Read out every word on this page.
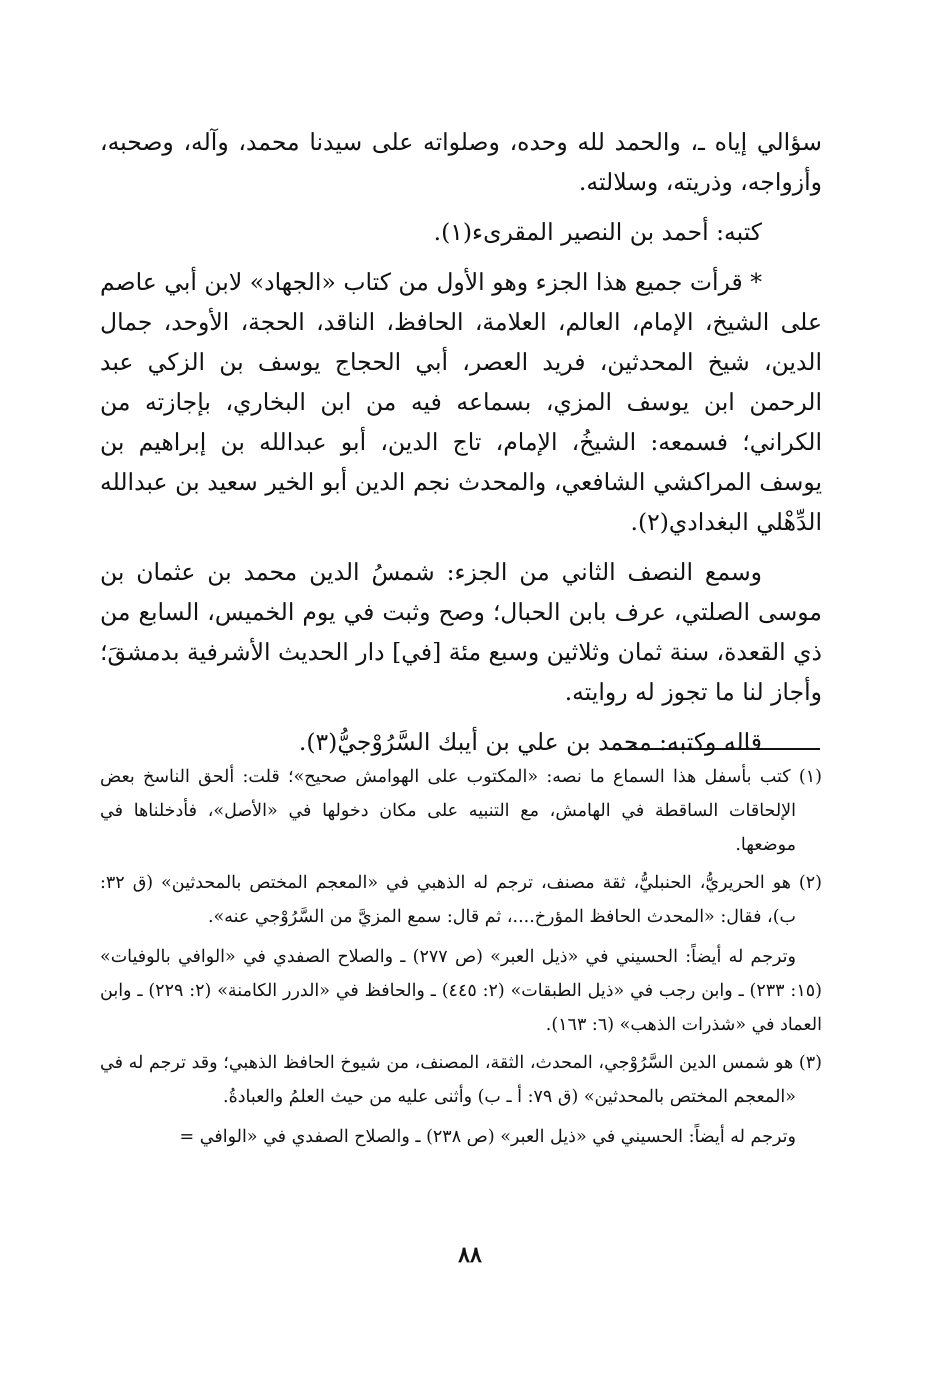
سؤالي إياه ـ، والحمد لله وحده، وصلواته على سيدنا محمد، وآله، وصحبه، وأزواجه، وذريته، وسلالته.

كتبه: أحمد بن النصير المقرىء(١).

* قرأت جميع هذا الجزء وهو الأول من كتاب «الجهاد» لابن أبي عاصم على الشيخ، الإمام، العالم، العلامة، الحافظ، الناقد، الحجة، الأوحد، جمال الدين، شيخ المحدثين، فريد العصر، أبي الحجاج يوسف بن الزكي عبد الرحمن ابن يوسف المزي، بسماعه فيه من ابن البخاري، بإجازته من الكراني؛ فسمعه: الشيخُ، الإمام، تاج الدين، أبو عبدالله بن إبراهيم بن يوسف المراكشي الشافعي، والمحدث نجم الدين أبو الخير سعيد بن عبدالله الدِّهْلي البغدادي(٢).

وسمع النصف الثاني من الجزء: شمسُ الدين محمد بن عثمان بن موسى الصلتي، عرف بابن الحبال؛ وصح وثبت في يوم الخميس، السابع من ذي القعدة، سنة ثمان وثلاثين وسبع مئة [في] دار الحديث الأشرفية بدمشقَ؛ وأجاز لنا ما تجوز له روايته.

قاله وكتبه: محمد بن علي بن أيبك السَّرُوْجيُّ(٣).

(١) كتب بأسفل هذا السماع ما نصه: «المكتوب على الهوامش صحيح»؛ قلت: ألحق الناسخ بعض الإلحاقات الساقطة في الهامش، مع التنبيه على مكان دخولها في «الأصل»، فأدخلناها في موضعها.

(٢) هو الحريريُّ، الحنبليُّ، ثقة مصنف، ترجم له الذهبي في «المعجم المختص بالمحدثين» (ق ٣٢: ب)، فقال: «المحدث الحافظ المؤرخ....، ثم قال: سمع المزيَّ من السَّرُوْجي عنه».

وترجم له أيضاً: الحسيني في «ذيل العبر» (ص ٢٧٧) ـ والصلاح الصفدي في «الوافي بالوفيات» (١٥: ٢٣٣) ـ وابن رجب في «ذيل الطبقات» (٢: ٤٤٥) ـ والحافظ في «الدرر الكامنة» (٢: ٢٢٩) ـ وابن العماد في «شذرات الذهب» (٦: ١٦٣).

(٣) هو شمس الدين السَّرُوْجي، المحدث، الثقة، المصنف، من شيوخ الحافظ الذهبي؛ وقد ترجم له في «المعجم المختص بالمحدثين» (ق ٧٩: أ ـ ب) وأثنى عليه من حيث العلمُ والعبادةُ.

وترجم له أيضاً: الحسيني في «ذيل العبر» (ص ٢٣٨) ـ والصلاح الصفدي في «الوافي =

٨٨
